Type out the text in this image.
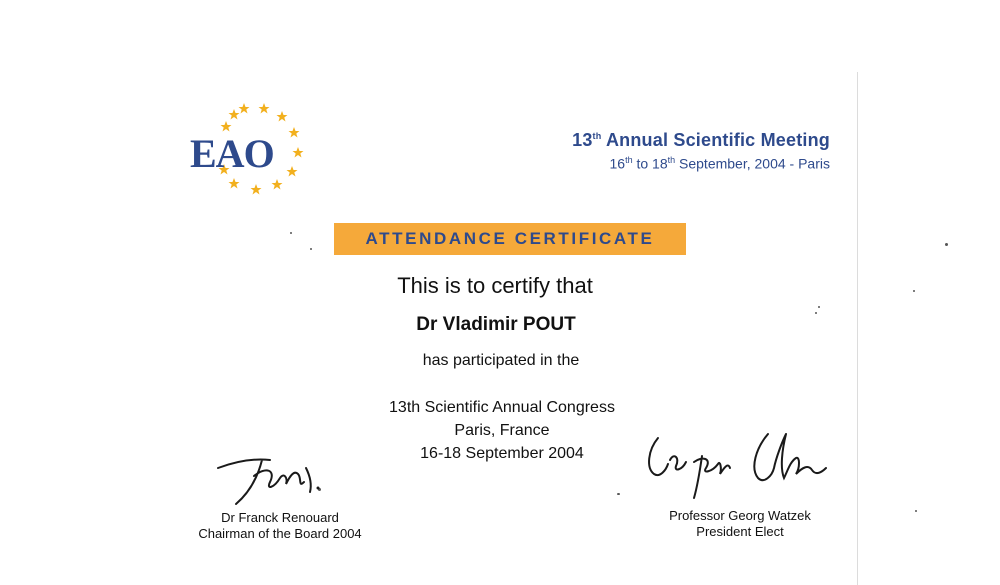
EAO	13th Annual Scientific Meeting
16th to 18th September, 2004 - Paris
ATTENDANCE CERTIFICATE
This is to certify that
Dr Vladimir POUT
has participated in the
13th Scientific Annual Congress
Paris, France
16-18 September 2004
Dr Franck Renouard
Chairman of the Board 2004
Professor Georg Watzek
President Elect
